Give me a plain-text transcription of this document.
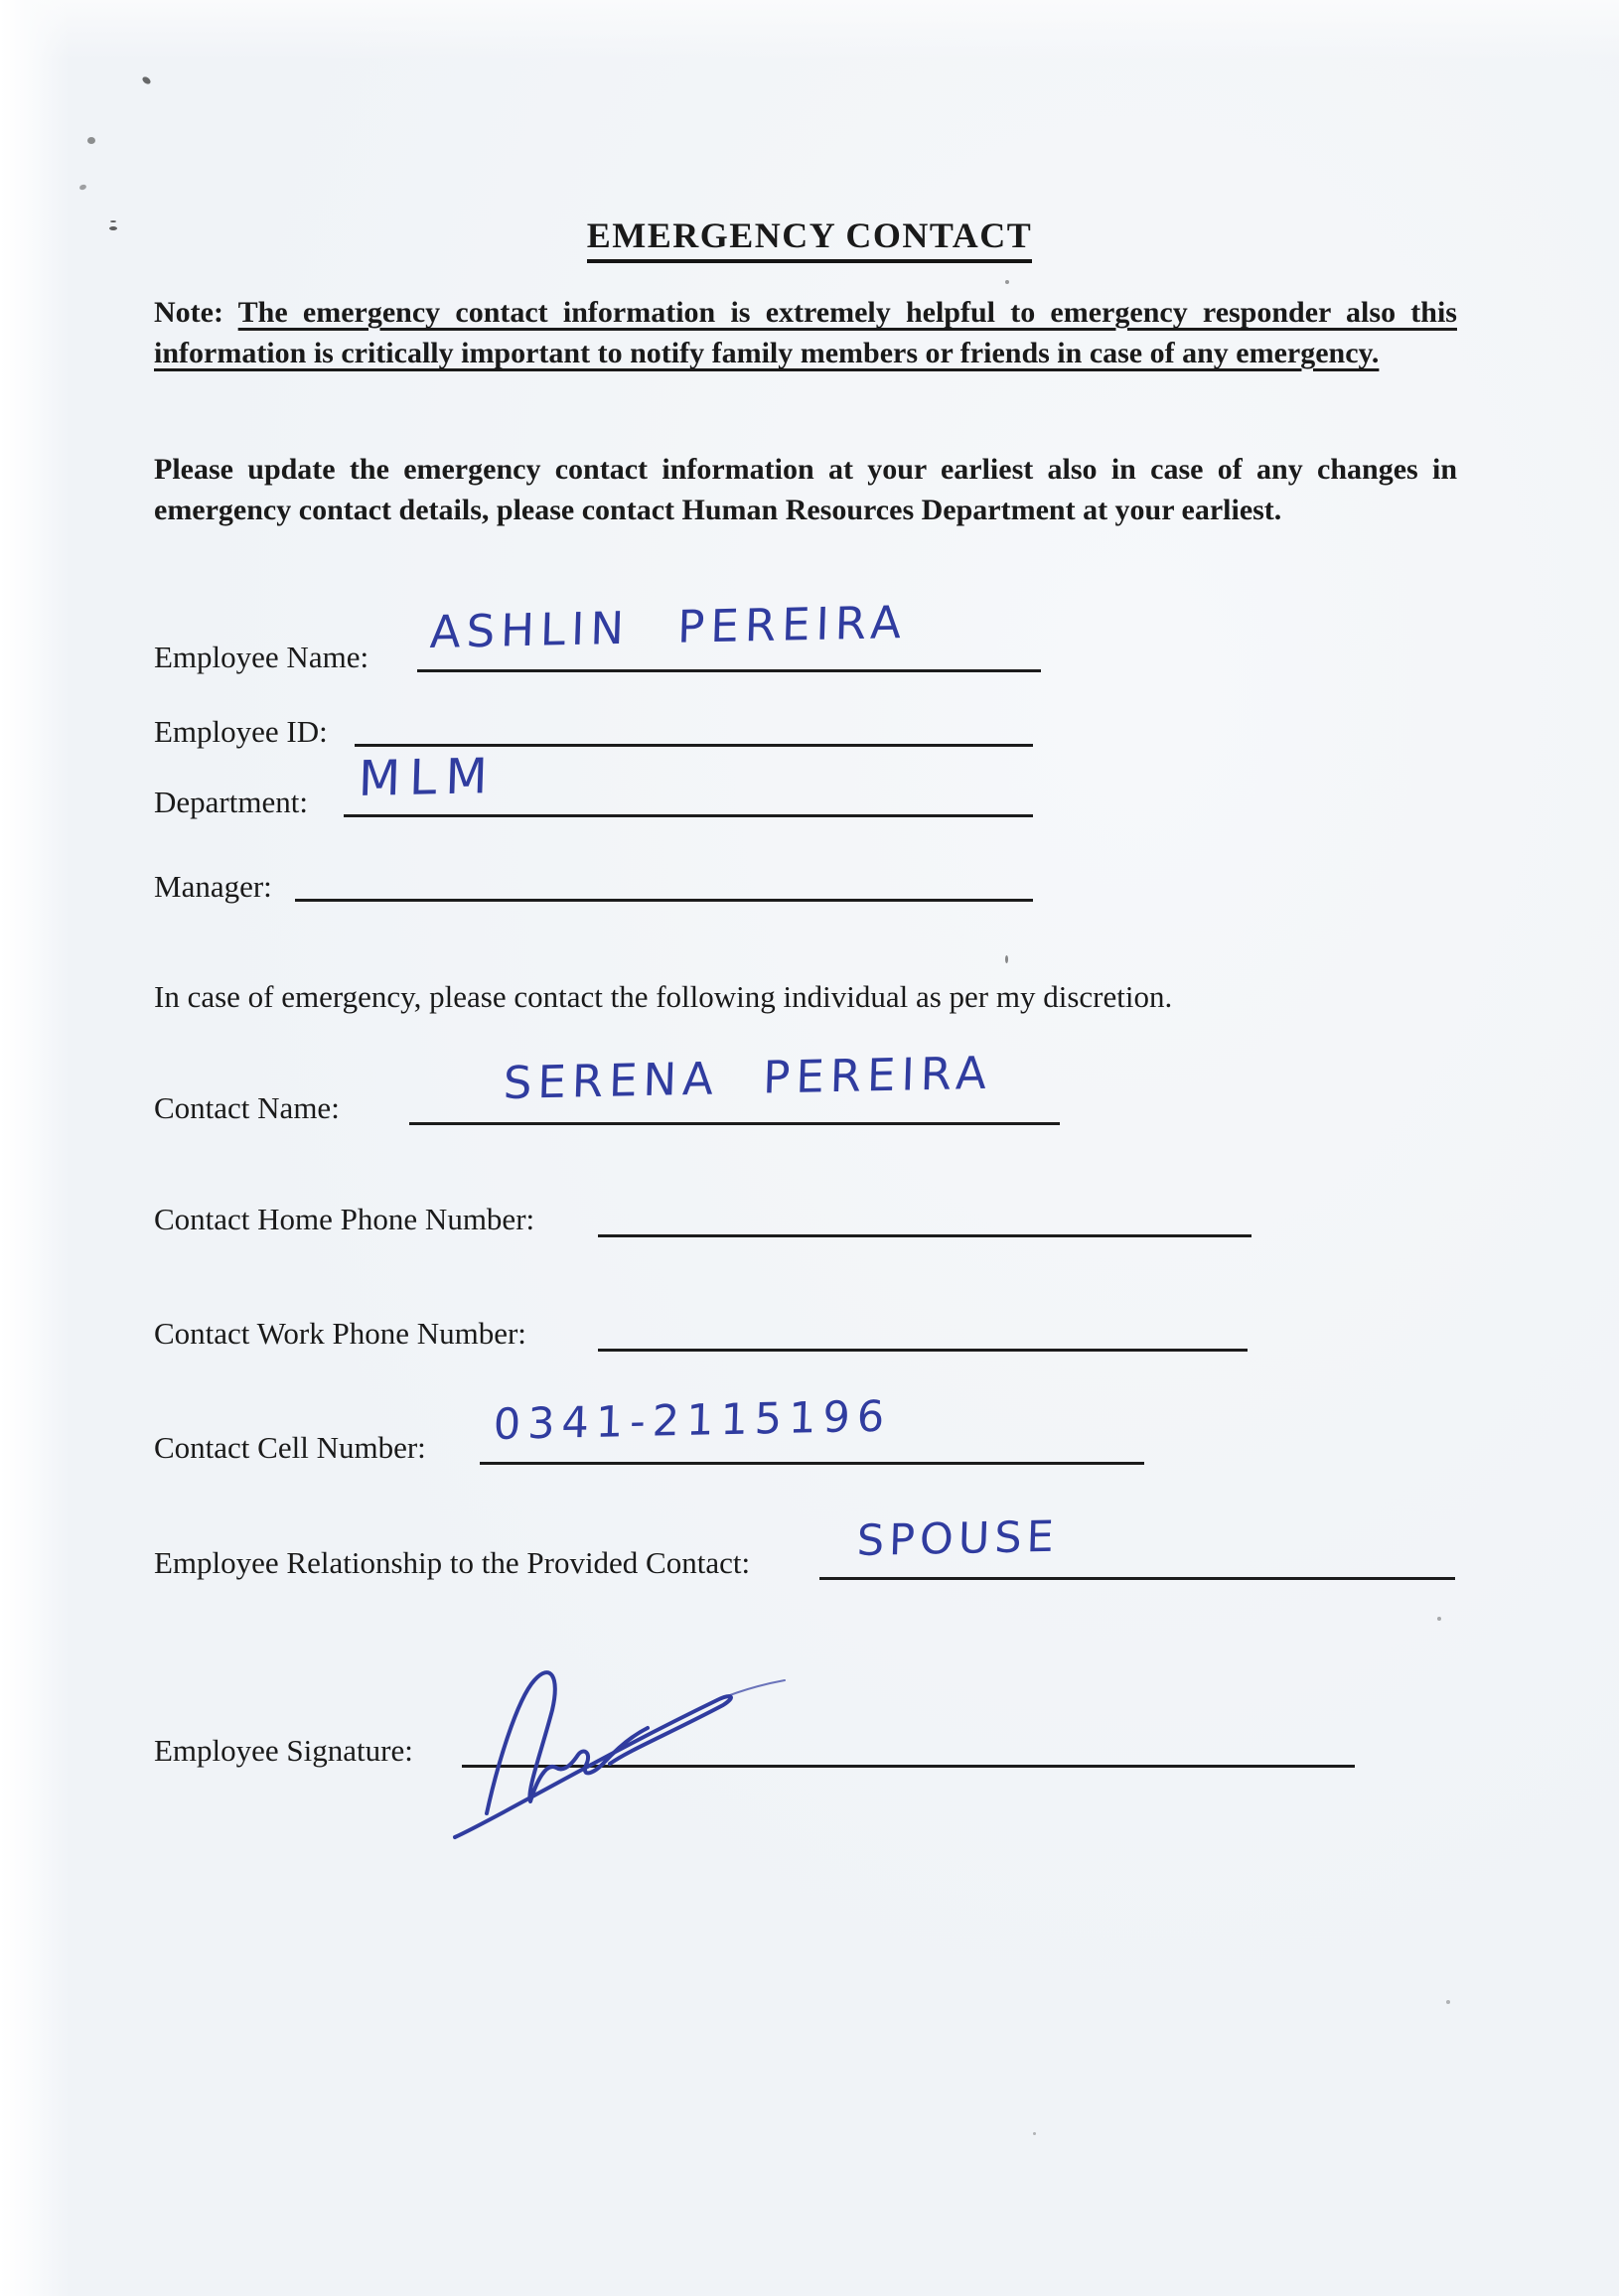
EMERGENCY CONTACT
Note: The emergency contact information is extremely helpful to emergency responder also this information is critically important to notify family members or friends in case of any emergency.
Please update the emergency contact information at your earliest also in case of any changes in emergency contact details, please contact Human Resources Department at your earliest.
In case of emergency, please contact the following individual as per my discretion.
Employee Name: ASHLIN PEREIRA
Employee ID:
Department: MLM
Manager:
Contact Name:	SERENA PEREIRA
Contact Home Phone Number:
Contact Work Phone Number:
Contact Cell Number: 0341-2115196
Employee Relationship to the Provided Contact: SPOUSE
Employee Signature:
